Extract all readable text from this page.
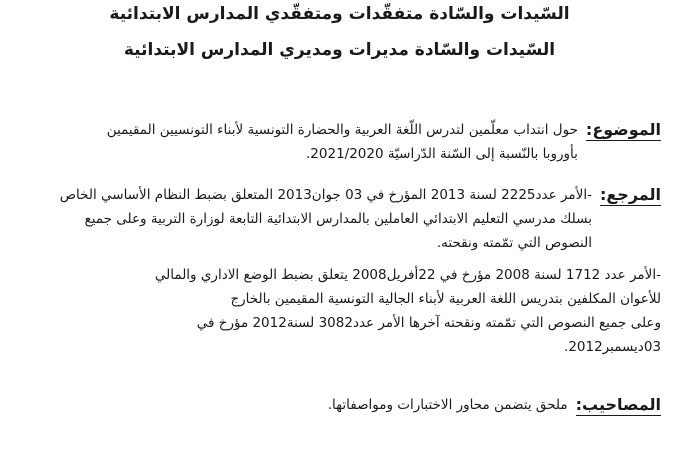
السّيدات والسّادة متفقّدات ومتفقّدي المدارس الابتدائية
السّيدات والسّادة مديرات ومديري المدارس الابتدائية
الموضوع:
حول انتداب معلّمين لتدرس اللّغة العربية والحضارة التونسية لأبناء التونسيين المقيمين
بأوروبا بالنّسبة إلى السّنة الدّراسيّة 2021/2020.
المرجع:
-الأمر عدد2225 لسنة 2013 المؤرخ في 03 جوان2013 المتعلق بضبط النظام الأساسي الخاص
بسلك مدرسي التعليم الابتدائي العاملين بالمدارس الابتدائية التابعة لوزارة التربية وعلى جميع
النصوص التي تمّمته ونقحته.
-الأمر عدد 1712 لسنة 2008 مؤرخ في 22أفريل2008 يتعلق بضبط الوضع الاداري والمالي
للأعوان المكلفين بتدريس اللغة العربية لأبناء الجالية التونسية المقيمين بالخارج
وعلى جميع النصوص التي تمّمته ونقحته آخرها الأمر عدد3082 لسنة2012 مؤرخ في
03ديسمبر2012.
المصاحيب:
ملحق يتضمن محاور الاختبارات ومواصفاتها.
